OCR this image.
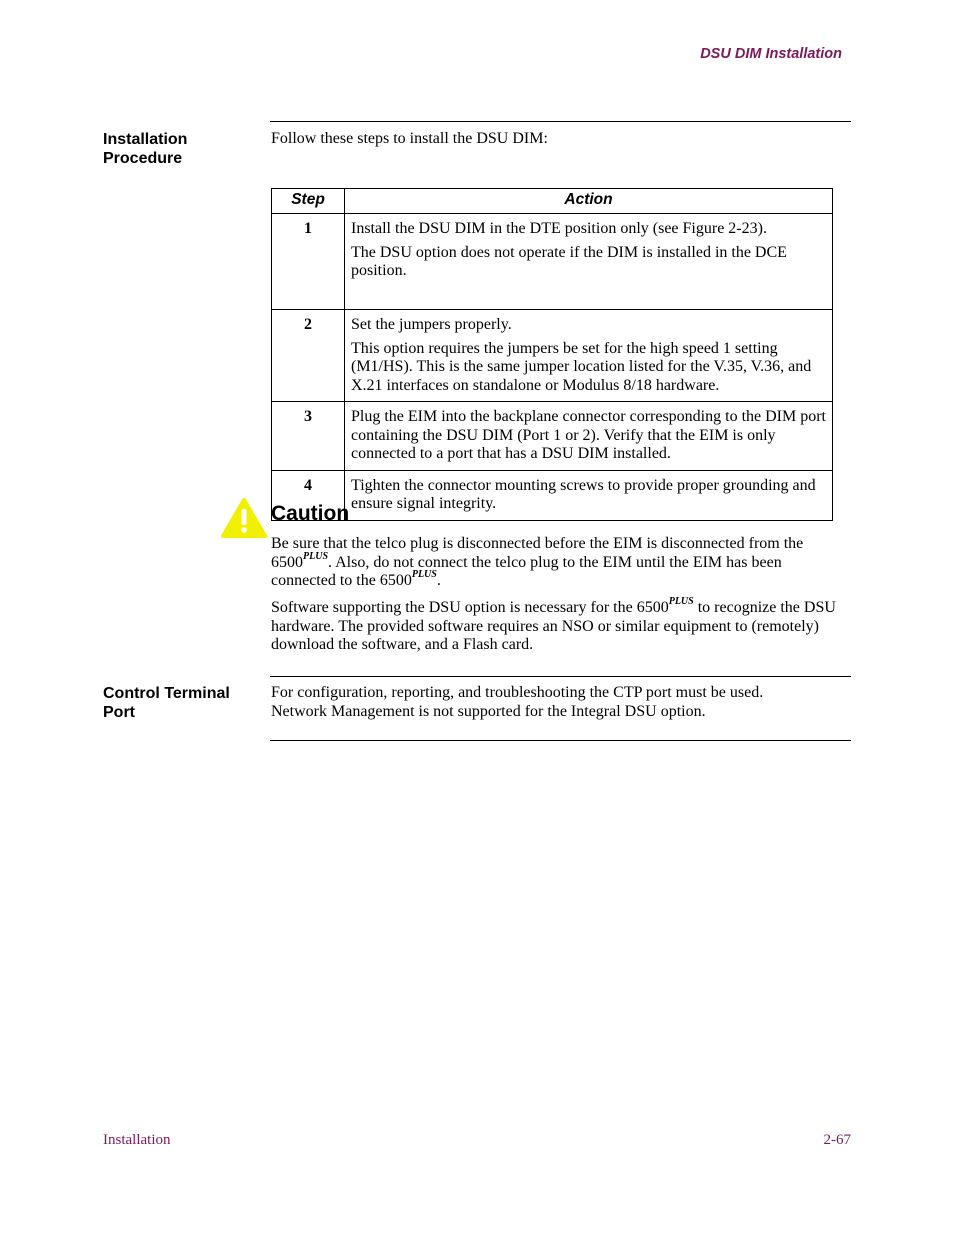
DSU DIM Installation
Installation
Procedure
Follow these steps to install the DSU DIM:
Step	Action
1	Install the DSU DIM in the DTE position only (see Figure 2-23).

The DSU option does not operate if the DIM is installed in the DCE position.

2	Set the jumpers properly.

This option requires the jumpers be set for the high speed 1 setting (M1/HS). This is the same jumper location listed for the V.35, V.36, and X.21 interfaces on standalone or Modulus 8/18 hardware.

3	Plug the EIM into the backplane connector corresponding to the DIM port containing the DSU DIM (Port 1 or 2). Verify that the EIM is only connected to a port that has a DSU DIM installed.

4	Tighten the connector mounting screws to provide proper grounding and ensure signal integrity.

Caution
Be sure that the telco plug is disconnected before the EIM is disconnected from the $6500^{PLUS}$. Also, do not connect the telco plug to the EIM until the EIM has been connected to the $6500^{PLUS}$.
Software supporting the DSU option is necessary for the $6500^{PLUS}$ to recognize the DSU hardware. The provided software requires an NSO or similar equipment to (remotely) download the software, and a Flash card.
Control Terminal
Port
For configuration, reporting, and troubleshooting the CTP port must be used.
Network Management is not supported for the Integral DSU option.
Installation	2-67
